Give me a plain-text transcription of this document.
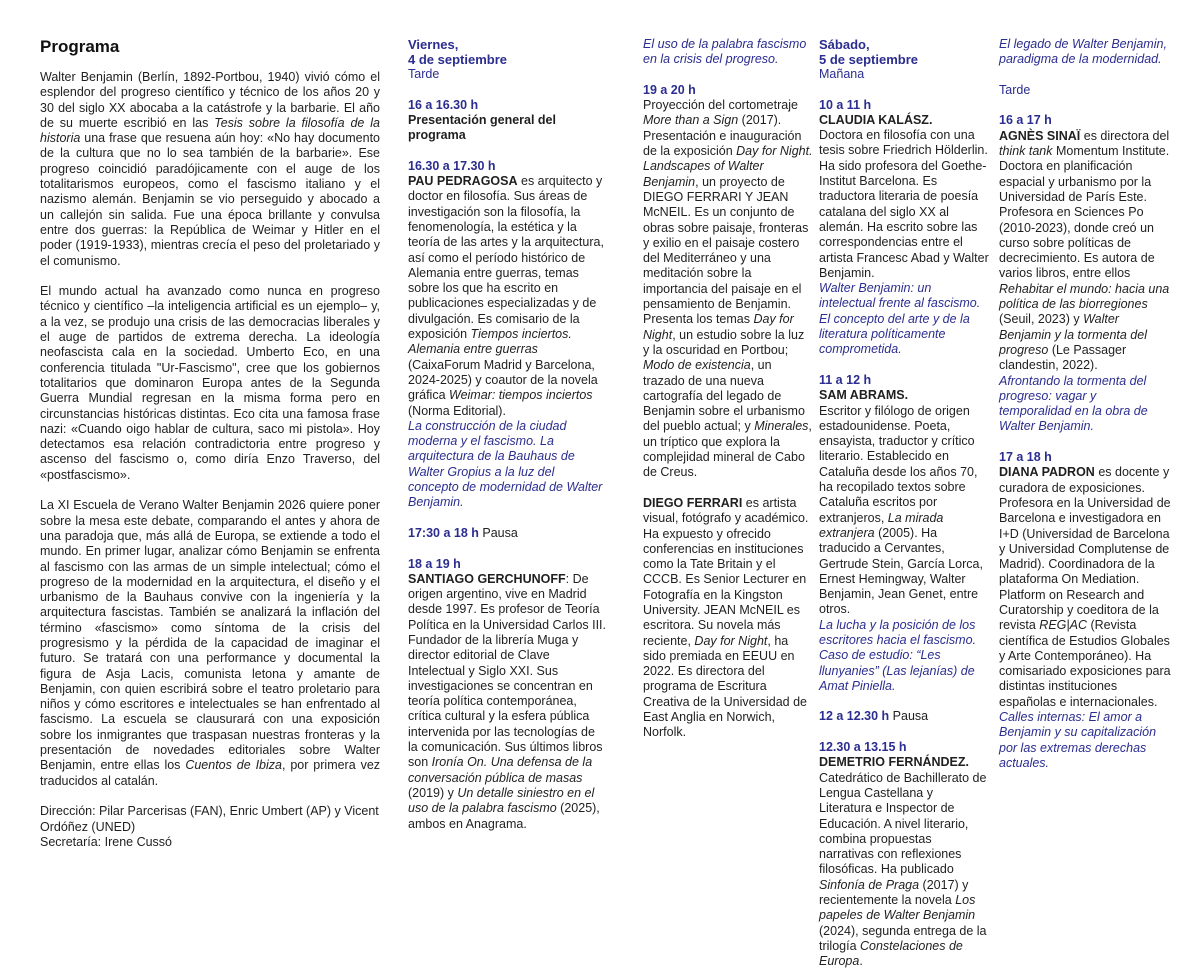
Programa

Walter Benjamin (Berlín, 1892-Portbou, 1940) vivió cómo el esplendor del progreso científico y técnico de los años 20 y 30 del siglo XX abocaba a la catástrofe y la barbarie. El año de su muerte escribió en las Tesis sobre la filosofía de la historia una frase que resuena aún hoy: «No hay documento de la cultura que no lo sea también de la barbarie». Ese progreso coincidió paradójicamente con el auge de los totalitarismos europeos, como el fascismo italiano y el nazismo alemán. Benjamin se vio perseguido y abocado a un callejón sin salida. Fue una época brillante y convulsa entre dos guerras: la República de Weimar y Hitler en el poder (1919-1933), mientras crecía el peso del proletariado y el comunismo.

El mundo actual ha avanzado como nunca en progreso técnico y científico –la inteligencia artificial es un ejemplo– y, a la vez, se produjo una crisis de las democracias liberales y el auge de partidos de extrema derecha. La ideología neofascista cala en la sociedad. Umberto Eco, en una conferencia titulada "Ur-Fascismo", cree que los gobiernos totalitarios que dominaron Europa antes de la Segunda Guerra Mundial regresan en la misma forma pero en circunstancias históricas distintas. Eco cita una famosa frase nazi: «Cuando oigo hablar de cultura, saco mi pistola». Hoy detectamos esa relación contradictoria entre progreso y ascenso del fascismo o, como diría Enzo Traverso, del «postfascismo».

La XI Escuela de Verano Walter Benjamin 2026 quiere poner sobre la mesa este debate, comparando el antes y ahora de una paradoja que, más allá de Europa, se extiende a todo el mundo. En primer lugar, analizar cómo Benjamin se enfrenta al fascismo con las armas de un simple intelectual; cómo el progreso de la modernidad en la arquitectura, el diseño y el urbanismo de la Bauhaus convive con la ingeniería y la arquitectura fascistas. También se analizará la inflación del término «fascismo» como síntoma de la crisis del progresismo y la pérdida de la capacidad de imaginar el futuro. Se tratará con una performance y documental la figura de Asja Lacis, comunista letona y amante de Benjamin, con quien escribirá sobre el teatro proletario para niños y cómo escritores e intelectuales se han enfrentado al fascismo. La escuela se clausurará con una exposición sobre los inmigrantes que traspasan nuestras fronteras y la presentación de novedades editoriales sobre Walter Benjamin, entre ellas los Cuentos de Ibiza, por primera vez traducidos al catalán.

Dirección: Pilar Parcerisas (FAN), Enric Umbert (AP) y Vicent Ordóñez (UNED)

Secretaría: Irene Cussó

Viernes,
4 de septiembre
Tarde
16 a 16.30 h
Presentación general del programa
16.30 a 17.30 h

PAU PEDRAGOSA es arquitecto y doctor en filosofía. Sus áreas de investigación son la filosofía, la fenomenología, la estética y la teoría de las artes y la arquitectura, así como el período histórico de Alemania entre guerras, temas sobre los que ha escrito en publicaciones especializadas y de divulgación. Es comisario de la exposición Tiempos inciertos. Alemania entre guerras (CaixaForum Madrid y Barcelona, 2024-2025) y coautor de la novela gráfica Weimar: tiempos inciertos (Norma Editorial).

La construcción de la ciudad moderna y el fascismo. La arquitectura de la Bauhaus de Walter Gropius a la luz del concepto de modernidad de Walter Benjamin.

17:30 a 18 h Pausa

18 a 19 h

SANTIAGO GERCHUNOFF: De origen argentino, vive en Madrid desde 1997. Es profesor de Teoría Política en la Universidad Carlos III. Fundador de la librería Muga y director editorial de Clave Intelectual y Siglo XXI. Sus investigaciones se concentran en teoría política contemporánea, crítica cultural y la esfera pública intervenida por las tecnologías de la comunicación. Sus últimos libros son Ironía On. Una defensa de la conversación pública de masas (2019) y Un detalle siniestro en el uso de la palabra fascismo (2025), ambos en Anagrama.

El uso de la palabra fascismo en la crisis del progreso.

19 a 20 h

Proyección del cortometraje More than a Sign (2017). Presentación e inauguración de la exposición Day for Night. Landscapes of Walter Benjamin, un proyecto de DIEGO FERRARI Y JEAN McNEIL. Es un conjunto de obras sobre paisaje, fronteras y exilio en el paisaje costero del Mediterráneo y una meditación sobre la importancia del paisaje en el pensamiento de Benjamin. Presenta los temas Day for Night, un estudio sobre la luz y la oscuridad en Portbou; Modo de existencia, un trazado de una nueva cartografía del legado de Benjamin sobre el urbanismo del pueblo actual; y Minerales, un tríptico que explora la complejidad mineral de Cabo de Creus.

DIEGO FERRARI es artista visual, fotógrafo y académico. Ha expuesto y ofrecido conferencias en instituciones como la Tate Britain y el CCCB. Es Senior Lecturer en Fotografía en la Kingston University. JEAN McNEIL es escritora. Su novela más reciente, Day for Night, ha sido premiada en EEUU en 2022. Es directora del programa de Escritura Creativa de la Universidad de East Anglia en Norwich, Norfolk.

Sábado,
5 de septiembre
Mañana
10 a 11 h
CLAUDIA KALÁSZ.

Doctora en filosofía con una tesis sobre Friedrich Hölderlin. Ha sido profesora del Goethe-Institut Barcelona. Es traductora literaria de poesía catalana del siglo XX al alemán. Ha escrito sobre las correspondencias entre el artista Francesc Abad y Walter Benjamin.

Walter Benjamin: un intelectual frente al fascismo. El concepto del arte y de la literatura políticamente comprometida.

11 a 12 h
SAM ABRAMS.

Escritor y filólogo de origen estadounidense. Poeta, ensayista, traductor y crítico literario. Establecido en Cataluña desde los años 70, ha recopilado textos sobre Cataluña escritos por extranjeros, La mirada extranjera (2005). Ha traducido a Cervantes, Gertrude Stein, García Lorca, Ernest Hemingway, Walter Benjamin, Jean Genet, entre otros.

La lucha y la posición de los escritores hacia el fascismo. Caso de estudio: “Les llunyanies” (Las lejanías) de Amat Piniella.

12 a 12.30 h Pausa

12.30 a 13.15 h
DEMETRIO FERNÁNDEZ.

Catedrático de Bachillerato de Lengua Castellana y Literatura e Inspector de Educación. A nivel literario, combina propuestas narrativas con reflexiones filosóficas. Ha publicado Sinfonía de Praga (2017) y recientemente la novela Los papeles de Walter Benjamin (2024), segunda entrega de la trilogía Constelaciones de Europa.

El legado de Walter Benjamin, paradigma de la modernidad.

Tarde
16 a 17 h

AGNÈS SINAÏ es directora del think tank Momentum Institute. Doctora en planificación espacial y urbanismo por la Universidad de París Este. Profesora en Sciences Po (2010-2023), donde creó un curso sobre políticas de decrecimiento. Es autora de varios libros, entre ellos Rehabitar el mundo: hacia una política de las biorregiones (Seuil, 2023) y Walter Benjamin y la tormenta del progreso (Le Passager clandestin, 2022).

Afrontando la tormenta del progreso: vagar y temporalidad en la obra de Walter Benjamin.

17 a 18 h

DIANA PADRON es docente y curadora de exposiciones. Profesora en la Universidad de Barcelona e investigadora en I+D (Universidad de Barcelona y Universidad Complutense de Madrid). Coordinadora de la plataforma On Mediation. Platform on Research and Curatorship y coeditora de la revista REG|AC (Revista científica de Estudios Globales y Arte Contemporáneo). Ha comisariado exposiciones para distintas instituciones españolas e internacionales.

Calles internas: El amor a Benjamin y su capitalización por las extremas derechas actuales.
